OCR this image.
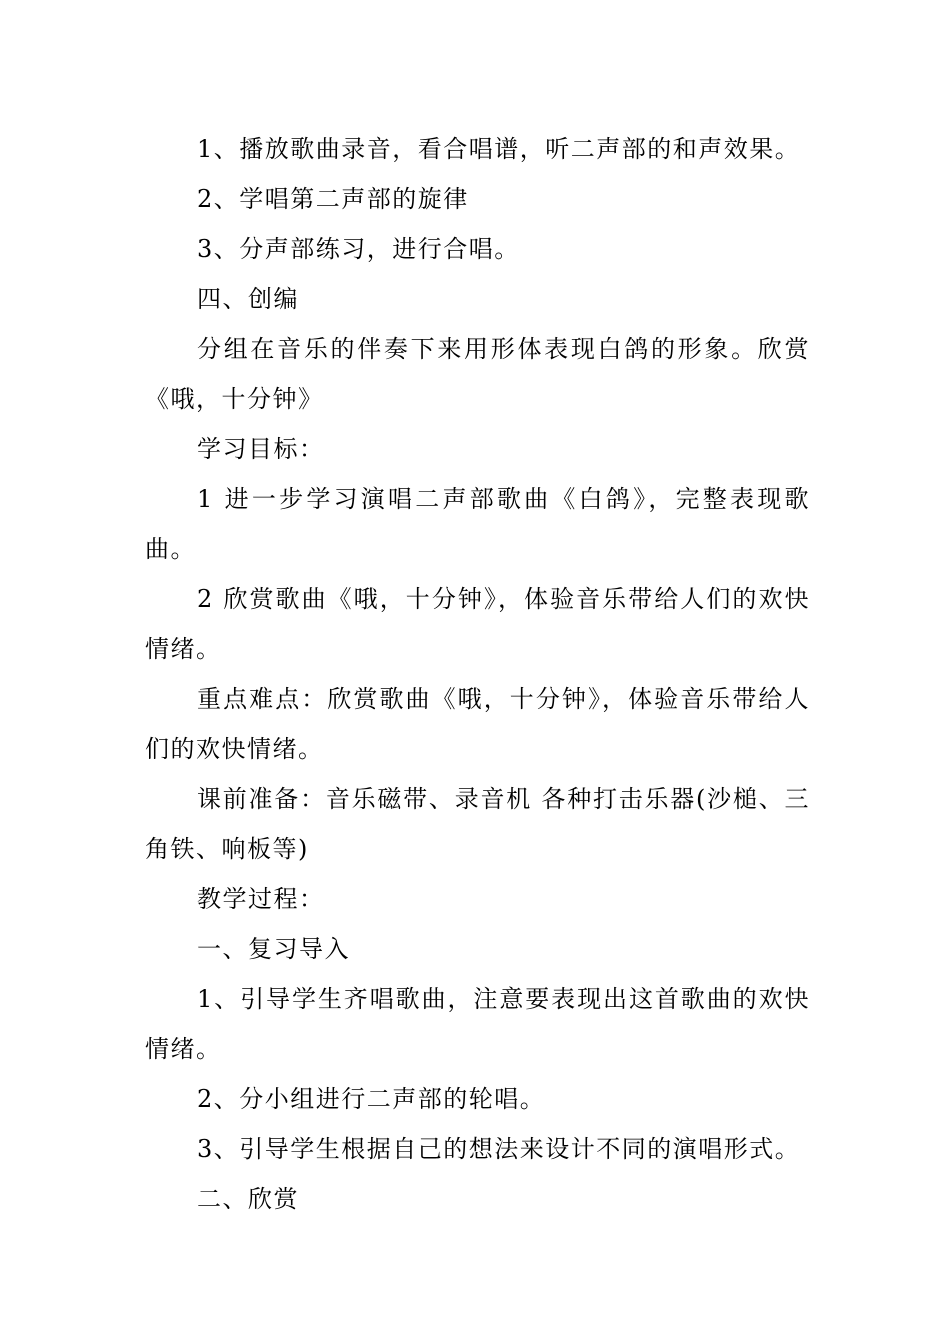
1、播放歌曲录音，看合唱谱，听二声部的和声效果。

2、学唱第二声部的旋律

3、分声部练习，进行合唱。

四、创编

分组在音乐的伴奏下来用形体表现白鸽的形象。欣赏《哦，十分钟》

学习目标：

1 进一步学习演唱二声部歌曲《白鸽》，完整表现歌曲。

2 欣赏歌曲《哦，十分钟》，体验音乐带给人们的欢快情绪。

重点难点：欣赏歌曲《哦，十分钟》，体验音乐带给人们的欢快情绪。

课前准备：音乐磁带、录音机 各种打击乐器(沙槌、三角铁、响板等)

教学过程：

一、复习导入

1、引导学生齐唱歌曲，注意要表现出这首歌曲的欢快情绪。

2、分小组进行二声部的轮唱。

3、引导学生根据自己的想法来设计不同的演唱形式。

二、欣赏
